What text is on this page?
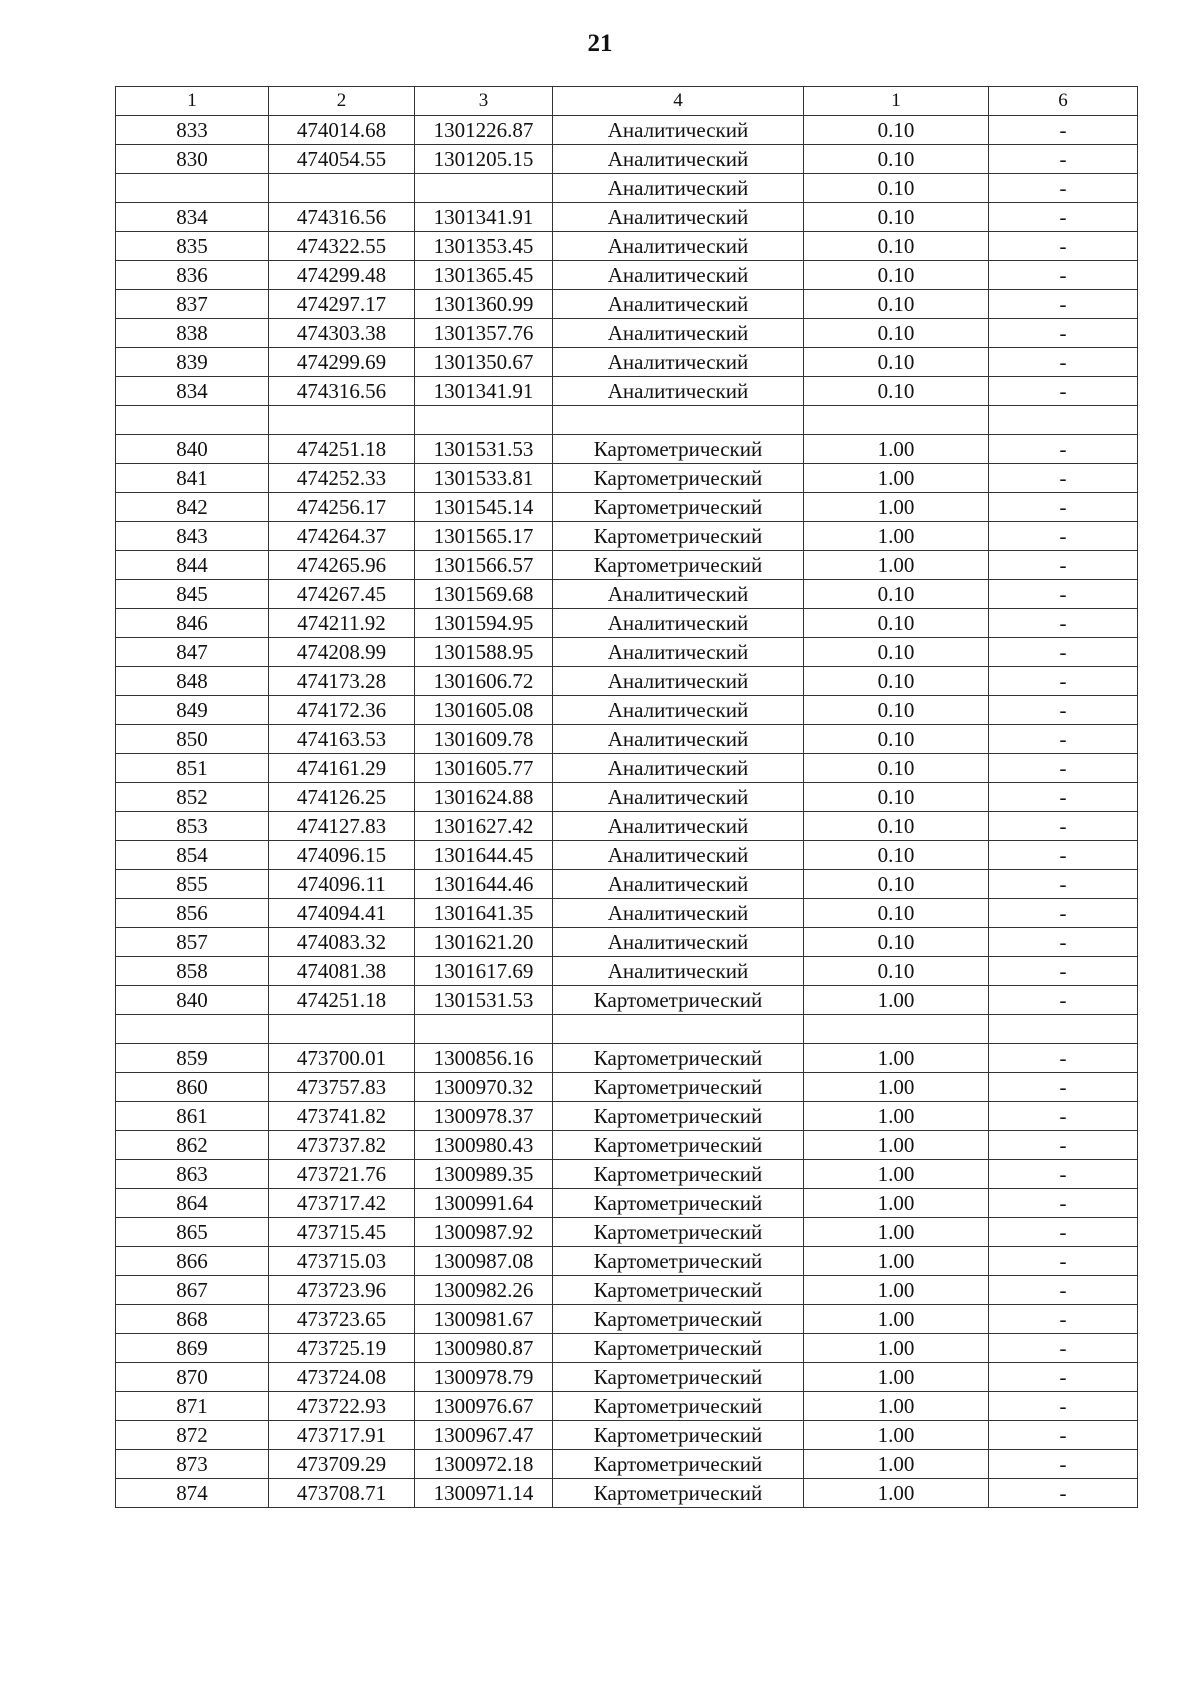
21
1	2	3	4	1	6
833	474014.68	1301226.87	Аналитический	0.10	-
830	474054.55	1301205.15	Аналитический	0.10	-
			Аналитический	0.10	-
834	474316.56	1301341.91	Аналитический	0.10	-
835	474322.55	1301353.45	Аналитический	0.10	-
836	474299.48	1301365.45	Аналитический	0.10	-
837	474297.17	1301360.99	Аналитический	0.10	-
838	474303.38	1301357.76	Аналитический	0.10	-
839	474299.69	1301350.67	Аналитический	0.10	-
834	474316.56	1301341.91	Аналитический	0.10	-

840	474251.18	1301531.53	Картометрический	1.00	-
841	474252.33	1301533.81	Картометрический	1.00	-
842	474256.17	1301545.14	Картометрический	1.00	-
843	474264.37	1301565.17	Картометрический	1.00	-
844	474265.96	1301566.57	Картометрический	1.00	-
845	474267.45	1301569.68	Аналитический	0.10	-
846	474211.92	1301594.95	Аналитический	0.10	-
847	474208.99	1301588.95	Аналитический	0.10	-
848	474173.28	1301606.72	Аналитический	0.10	-
849	474172.36	1301605.08	Аналитический	0.10	-
850	474163.53	1301609.78	Аналитический	0.10	-
851	474161.29	1301605.77	Аналитический	0.10	-
852	474126.25	1301624.88	Аналитический	0.10	-
853	474127.83	1301627.42	Аналитический	0.10	-
854	474096.15	1301644.45	Аналитический	0.10	-
855	474096.11	1301644.46	Аналитический	0.10	-
856	474094.41	1301641.35	Аналитический	0.10	-
857	474083.32	1301621.20	Аналитический	0.10	-
858	474081.38	1301617.69	Аналитический	0.10	-
840	474251.18	1301531.53	Картометрический	1.00	-

859	473700.01	1300856.16	Картометрический	1.00	-
860	473757.83	1300970.32	Картометрический	1.00	-
861	473741.82	1300978.37	Картометрический	1.00	-
862	473737.82	1300980.43	Картометрический	1.00	-
863	473721.76	1300989.35	Картометрический	1.00	-
864	473717.42	1300991.64	Картометрический	1.00	-
865	473715.45	1300987.92	Картометрический	1.00	-
866	473715.03	1300987.08	Картометрический	1.00	-
867	473723.96	1300982.26	Картометрический	1.00	-
868	473723.65	1300981.67	Картометрический	1.00	-
869	473725.19	1300980.87	Картометрический	1.00	-
870	473724.08	1300978.79	Картометрический	1.00	-
871	473722.93	1300976.67	Картометрический	1.00	-
872	473717.91	1300967.47	Картометрический	1.00	-
873	473709.29	1300972.18	Картометрический	1.00	-
874	473708.71	1300971.14	Картометрический	1.00	-
